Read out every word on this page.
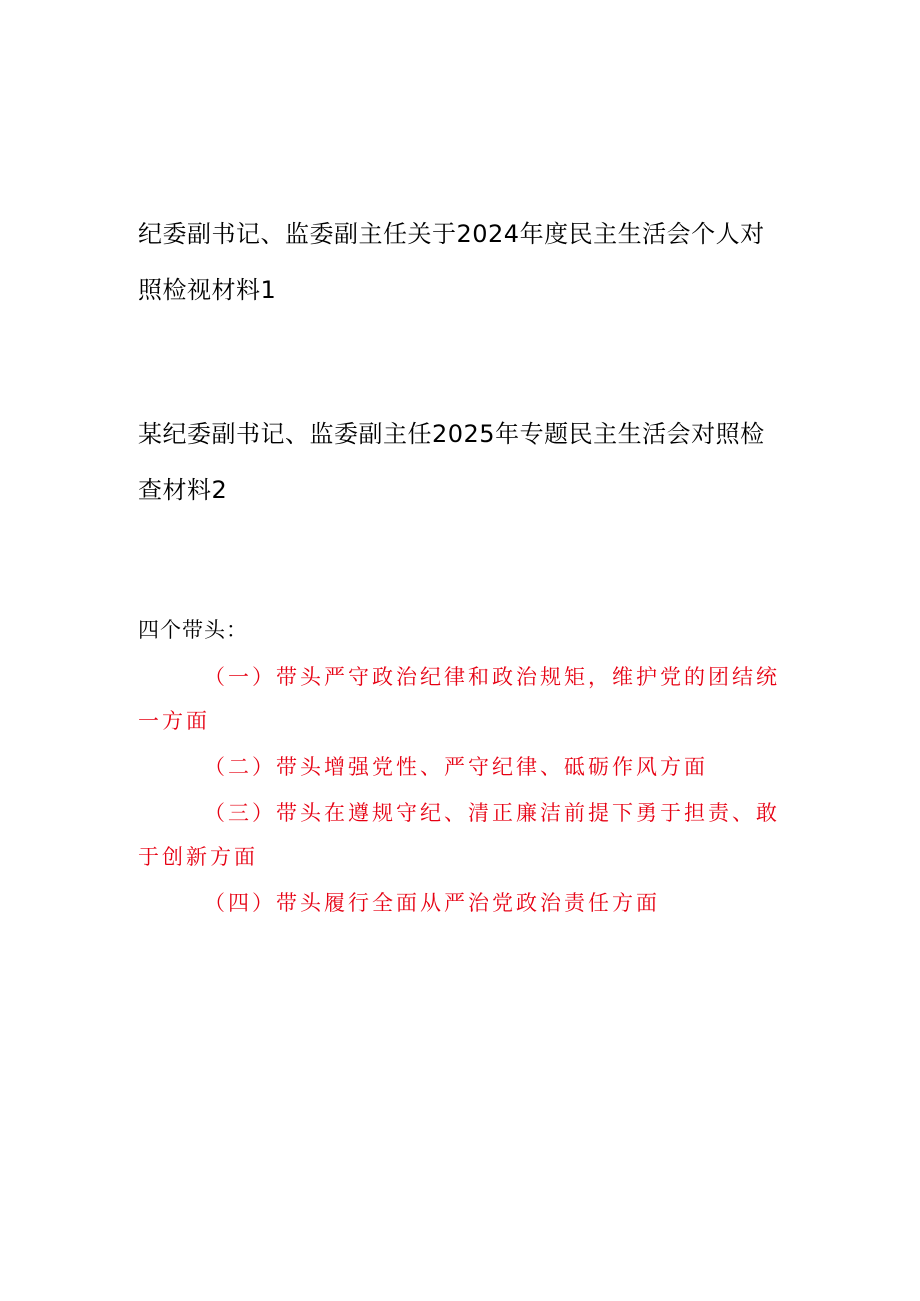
纪委副书记、监委副主任关于2024年度民主生活会个人对照检视材料1

某纪委副书记、监委副主任2025年专题民主生活会对照检查材料2

四个带头：

（一）带头严守政治纪律和政治规矩，维护党的团结统一方面
（二）带头增强党性、严守纪律、砥砺作风方面
（三）带头在遵规守纪、清正廉洁前提下勇于担责、敢于创新方面
（四）带头履行全面从严治党政治责任方面
